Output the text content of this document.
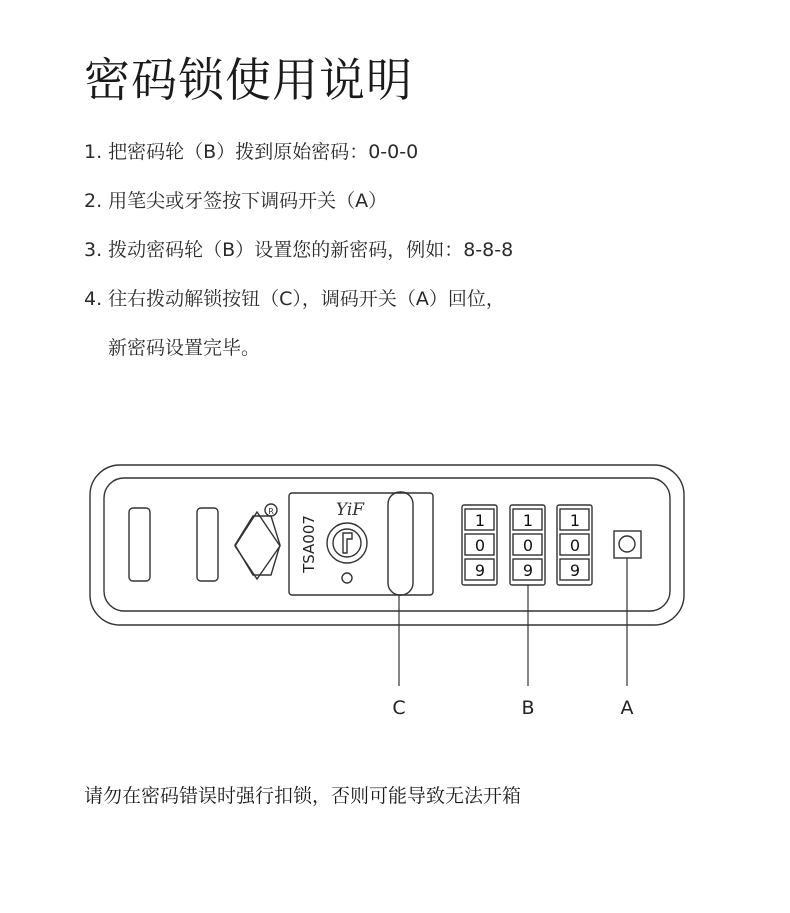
密码锁使用说明
1. 把密码轮（B）拨到原始密码：0-0-0
2. 用笔尖或牙签按下调码开关（A）
3. 拨动密码轮（B）设置您的新密码，例如：8-8-8
4. 往右拨动解锁按钮（C），调码开关（A）回位，
新密码设置完毕。
R	YiF
TSA007	1
0
9
1
0
9
1
0
9
C	B	A
请勿在密码错误时强行扣锁，否则可能导致无法开箱
